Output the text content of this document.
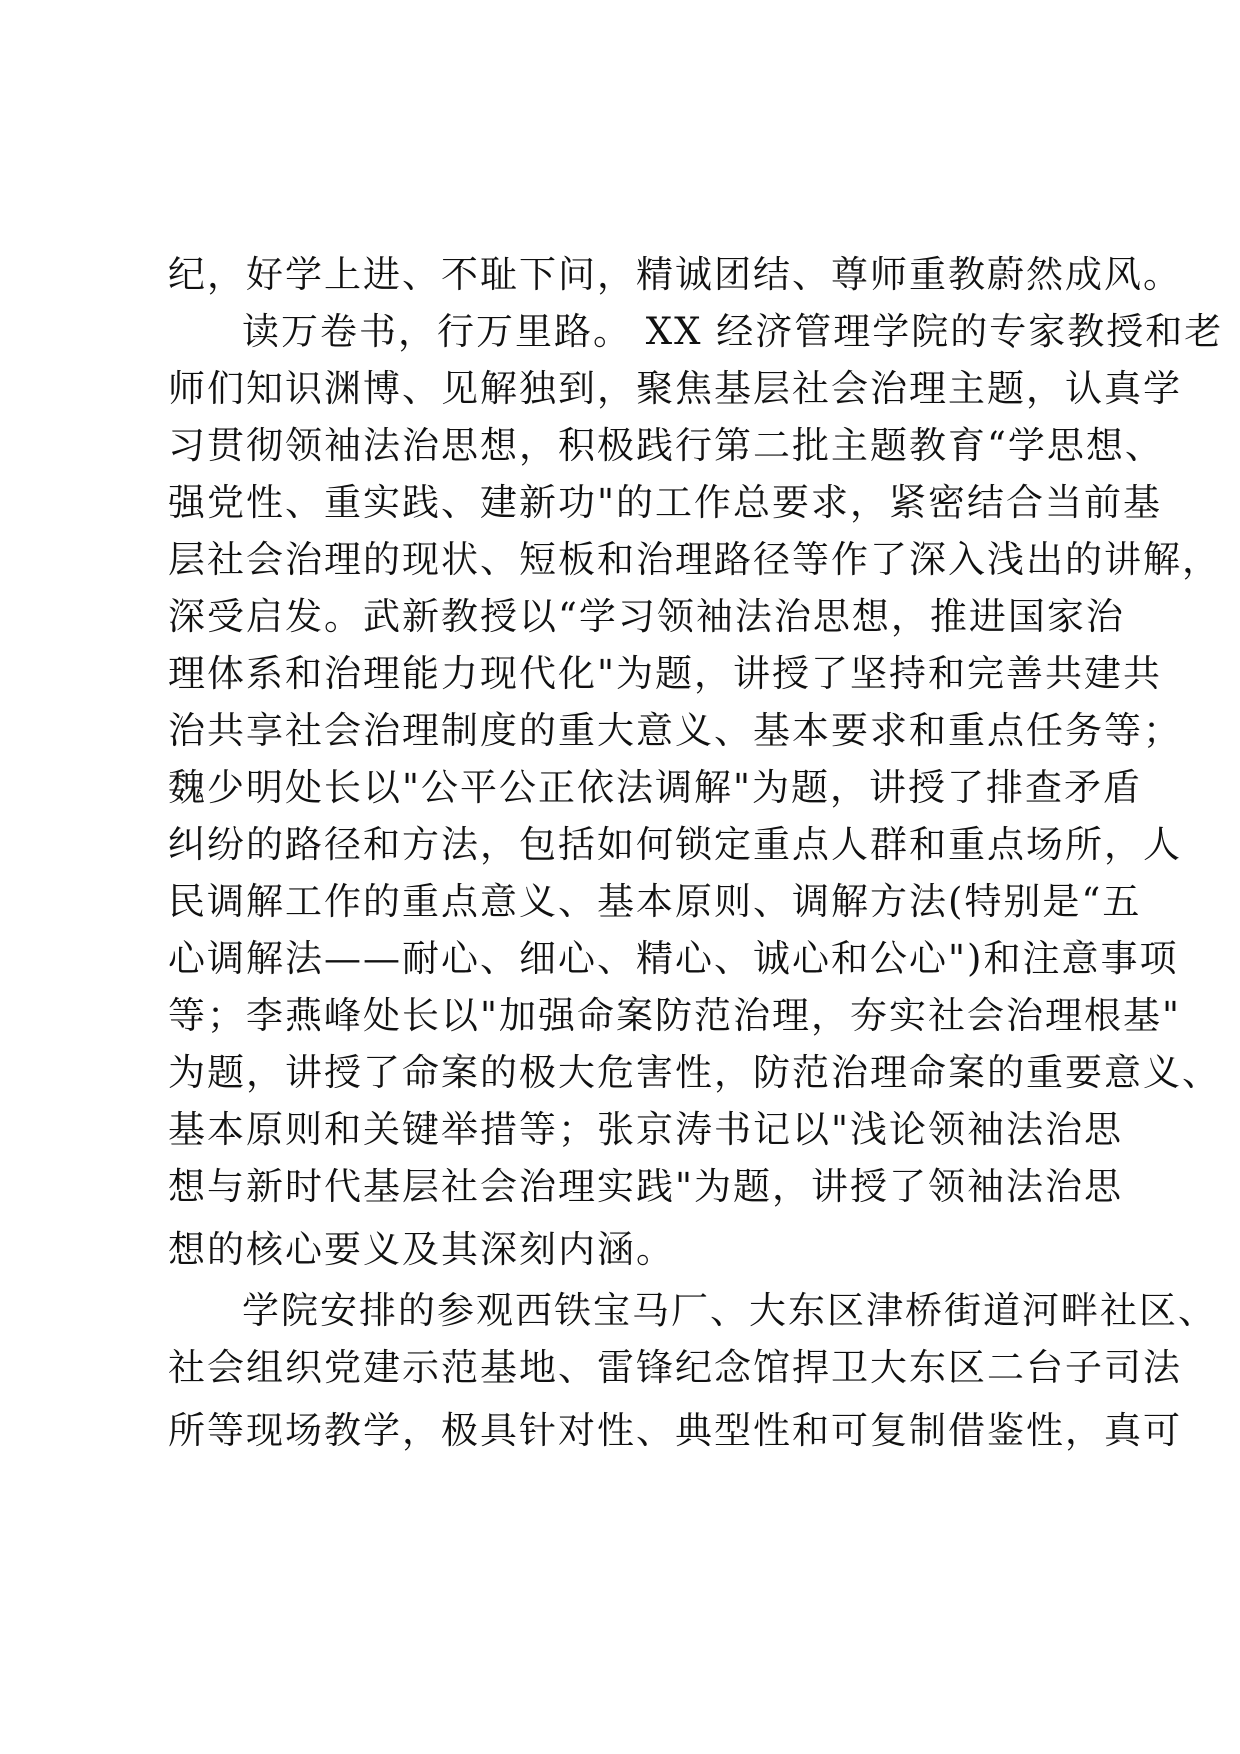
纪，好学上进、不耻下问，精诚团结、尊师重教蔚然成风。
读万卷书，行万里路。 XX 经济管理学院的专家教授和老
师们知识渊博、见解独到，聚焦基层社会治理主题，认真学
习贯彻领袖法治思想，积极践行第二批主题教育“学思想、
强党性、重实践、建新功"的工作总要求，紧密结合当前基
层社会治理的现状、短板和治理路径等作了深入浅出的讲解，
深受启发。武新教授以“学习领袖法治思想，推进国家治
理体系和治理能力现代化"为题，讲授了坚持和完善共建共
治共享社会治理制度的重大意义、基本要求和重点任务等；
魏少明处长以"公平公正依法调解"为题，讲授了排查矛盾
纠纷的路径和方法，包括如何锁定重点人群和重点场所，人
民调解工作的重点意义、基本原则、调解方法(特别是“五
心调解法——耐心、细心、精心、诚心和公心")和注意事项
等；李燕峰处长以"加强命案防范治理，夯实社会治理根基"
为题，讲授了命案的极大危害性，防范治理命案的重要意义、
基本原则和关键举措等；张京涛书记以"浅论领袖法治思
想与新时代基层社会治理实践"为题，讲授了领袖法治思
想的核心要义及其深刻内涵。
学院安排的参观西铁宝马厂、大东区津桥街道河畔社区、
社会组织党建示范基地、雷锋纪念馆捍卫大东区二台子司法
所等现场教学，极具针对性、典型性和可复制借鉴性，真可
